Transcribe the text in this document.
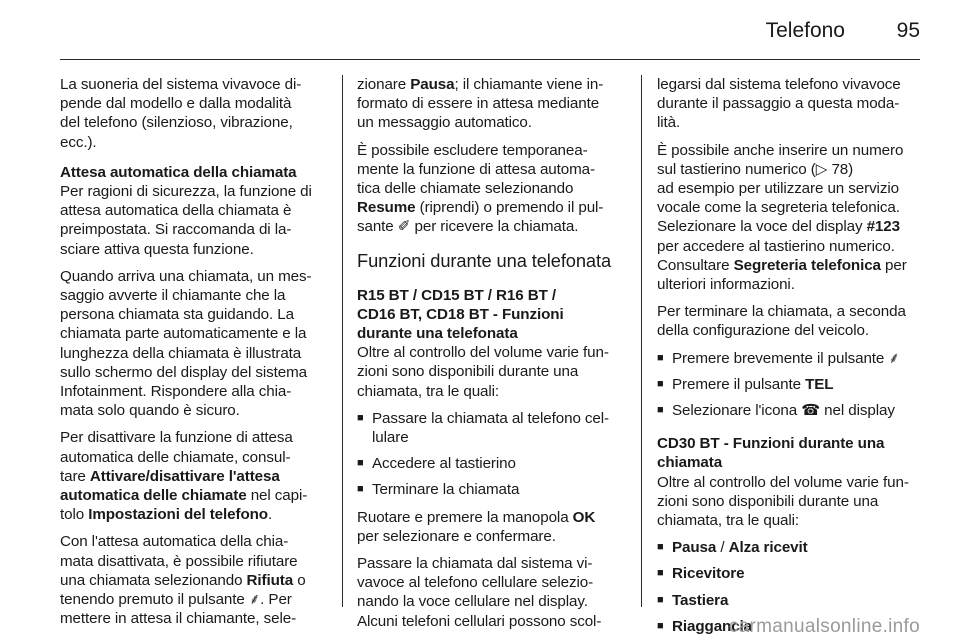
Telefono	95

La suoneria del sistema vivavoce di-
pende dal modello e dalla modalità
del telefono (silenzioso, vibrazione,
ecc.).

Attesa automatica della chiamata

Per ragioni di sicurezza, la funzione di
attesa automatica della chiamata è
preimpostata. Si raccomanda di la-
sciare attiva questa funzione.

Quando arriva una chiamata, un mes-
saggio avverte il chiamante che la
persona chiamata sta guidando. La
chiamata parte automaticamente e la
lunghezza della chiamata è illustrata
sullo schermo del display del sistema
Infotainment. Rispondere alla chia-
mata solo quando è sicuro.

Per disattivare la funzione di attesa
automatica delle chiamate, consul-
tare Attivare/disattivare l'attesa
automatica delle chiamate nel capi-
tolo Impostazioni del telefono.

Con l'attesa automatica della chia-
mata disattivata, è possibile rifiutare
una chiamata selezionando Rifiuta o
tenendo premuto il pulsante ⸙. Per
mettere in attesa il chiamante, sele-

zionare Pausa; il chiamante viene in-
formato di essere in attesa mediante
un messaggio automatico.

È possibile escludere temporanea-
mente la funzione di attesa automa-
tica delle chiamate selezionando
Resume (riprendi) o premendo il pul-
sante ✐ per ricevere la chiamata.

Funzioni durante una telefonata
R15 BT / CD15 BT / R16 BT /
CD16 BT, CD18 BT - Funzioni
durante una telefonata

Oltre al controllo del volume varie fun-
zioni sono disponibili durante una
chiamata, tra le quali:

■ Passare la chiamata al telefono cel-
lulare
■ Accedere al tastierino
■ Terminare la chiamata

Ruotare e premere la manopola OK
per selezionare e confermare.

Passare la chiamata dal sistema vi-
vavoce al telefono cellulare selezio-
nando la voce cellulare nel display.
Alcuni telefoni cellulari possono scol-

legarsi dal sistema telefono vivavoce
durante il passaggio a questa moda-
lità.

È possibile anche inserire un numero
sul tastierino numerico (▷ 78)
ad esempio per utilizzare un servizio
vocale come la segreteria telefonica.
Selezionare la voce del display #123
per accedere al tastierino numerico.
Consultare Segreteria telefonica per
ulteriori informazioni.

Per terminare la chiamata, a seconda
della configurazione del veicolo.

■ Premere brevemente il pulsante ⸙
■ Premere il pulsante TEL
■ Selezionare l'icona ☎ nel display
CD30 BT - Funzioni durante una
chiamata

Oltre al controllo del volume varie fun-
zioni sono disponibili durante una
chiamata, tra le quali:

■ Pausa / Alza ricevit
■ Ricevitore
■ Tastiera
■ Riaggancia
carmanualsonline.info
